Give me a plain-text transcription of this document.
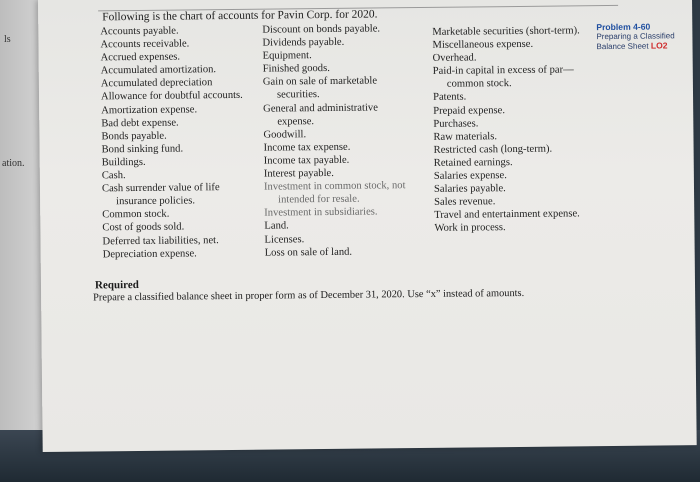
ls
ation.
Following is the chart of accounts for Pavin Corp. for 2020.
Accounts payable.
Accounts receivable.
Accrued expenses.
Accumulated amortization.
Accumulated depreciation
Allowance for doubtful accounts.
Amortization expense.
Bad debt expense.
Bonds payable.
Bond sinking fund.
Buildings.
Cash.
Cash surrender value of life
insurance policies.
Common stock.
Cost of goods sold.
Deferred tax liabilities, net.
Depreciation expense.
Discount on bonds payable.
Dividends payable.
Equipment.
Finished goods.
Gain on sale of marketable
securities.
General and administrative
expense.
Goodwill.
Income tax expense.
Income tax payable.
Interest payable.
Investment in common stock, not
intended for resale.
Investment in subsidiaries.
Land.
Licenses.
Loss on sale of land.
Marketable securities (short-term).
Miscellaneous expense.
Overhead.
Paid-in capital in excess of par—
common stock.
Patents.
Prepaid expense.
Purchases.
Raw materials.
Restricted cash (long-term).
Retained earnings.
Salaries expense.
Salaries payable.
Sales revenue.
Travel and entertainment expense.
Work in process.
Required
Prepare a classified balance sheet in proper form as of December 31, 2020. Use “x” instead of amounts.
Problem 4-60
Preparing a Classified
Balance Sheet LO2
